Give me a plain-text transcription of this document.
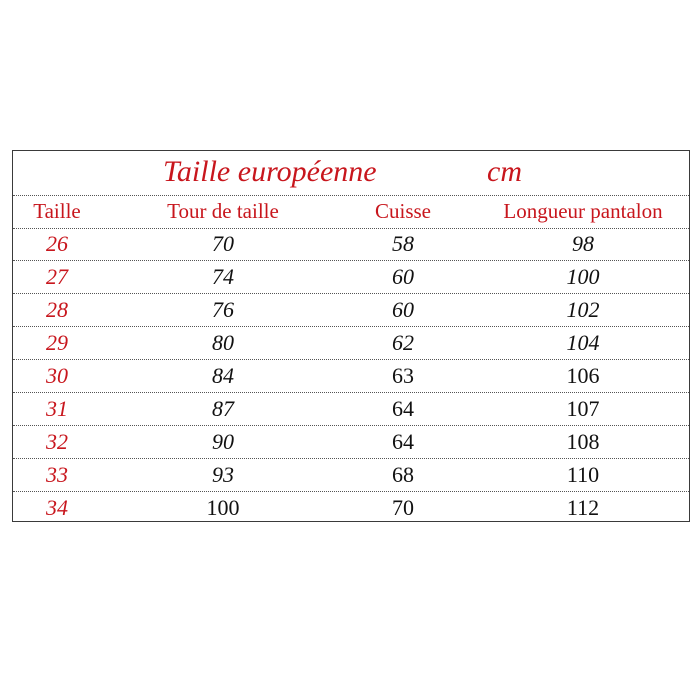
Taille européenne	cm
Taille	Tour de taille	Cuisse	Longueur pantalon
26	70	58	98
27	74	60	100
28	76	60	102
29	80	62	104
30	84	63	106
31	87	64	107
32	90	64	108
33	93	68	110
34	100	70	112
